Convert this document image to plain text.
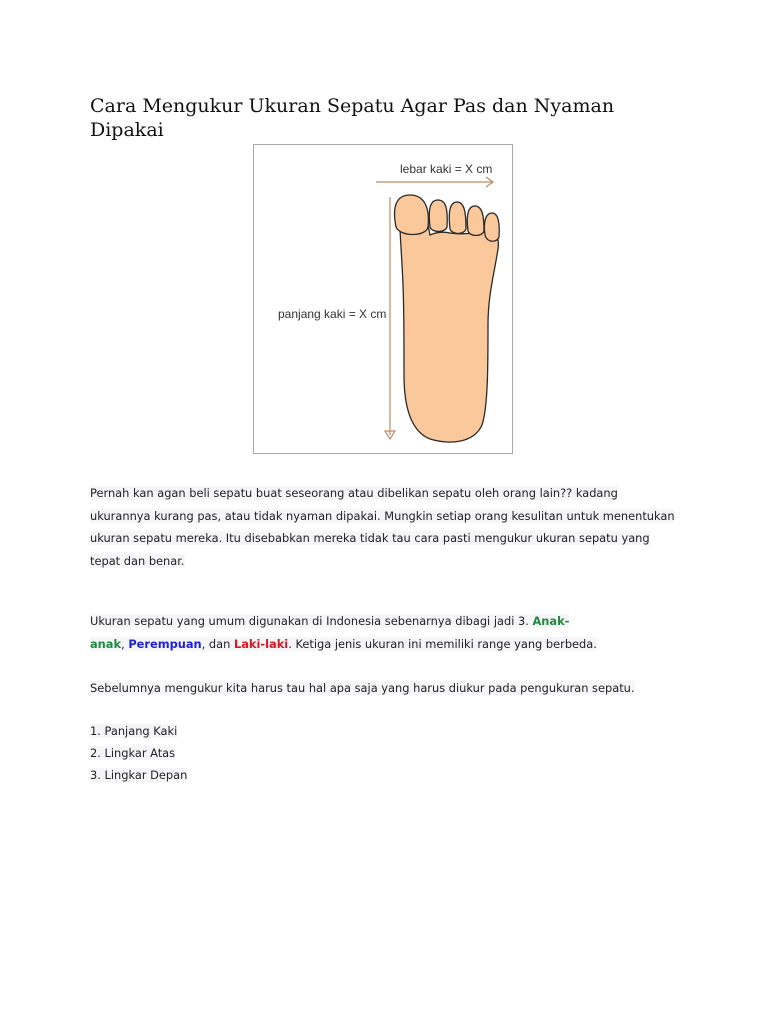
Cara Mengukur Ukuran Sepatu Agar Pas dan Nyaman Dipakai
lebar kaki = X cm
panjang kaki = X cm
Pernah kan agan beli sepatu buat seseorang atau dibelikan sepatu oleh orang lain?? kadang
ukurannya kurang pas, atau tidak nyaman dipakai. Mungkin setiap orang kesulitan untuk menentukan
ukuran sepatu mereka. Itu disebabkan mereka tidak tau cara pasti mengukur ukuran sepatu yang
tepat dan benar.
Ukuran sepatu yang umum digunakan di Indonesia sebenarnya dibagi jadi 3. Anak-
anak, Perempuan, dan Laki-laki. Ketiga jenis ukuran ini memiliki range yang berbeda.
Sebelumnya mengukur kita harus tau hal apa saja yang harus diukur pada pengukuran sepatu.
1. Panjang Kaki
2. Lingkar Atas
3. Lingkar Depan
